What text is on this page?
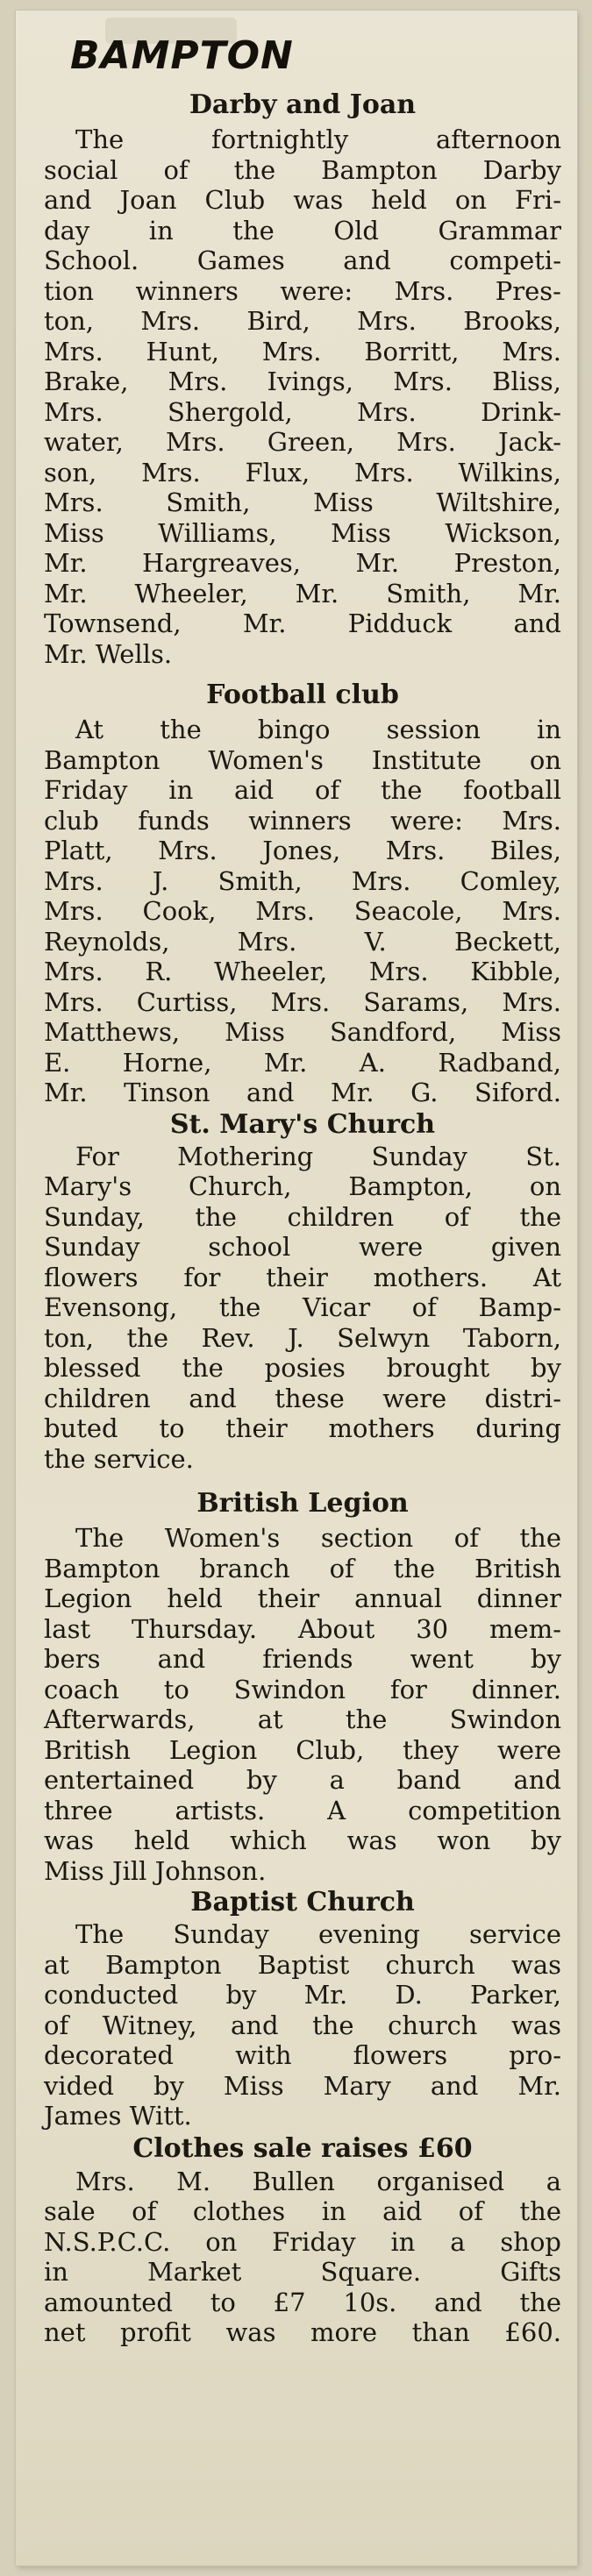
BAMPTON
Darby and Joan

The fortnightly afternoon
social of the Bampton Darby
and Joan Club was held on Fri-
day in the Old Grammar
School. Games and competi-
tion winners were: Mrs. Pres-
ton, Mrs. Bird, Mrs. Brooks,
Mrs. Hunt, Mrs. Borritt, Mrs.
Brake, Mrs. Ivings, Mrs. Bliss,
Mrs. Shergold, Mrs. Drink-
water, Mrs. Green, Mrs. Jack-
son, Mrs. Flux, Mrs. Wilkins,
Mrs. Smith, Miss Wiltshire,
Miss Williams, Miss Wickson,
Mr. Hargreaves, Mr. Preston,
Mr. Wheeler, Mr. Smith, Mr.
Townsend, Mr. Pidduck and
Mr. Wells.

Football club

At the bingo session in
Bampton Women's Institute on
Friday in aid of the football
club funds winners were: Mrs.
Platt, Mrs. Jones, Mrs. Biles,
Mrs. J. Smith, Mrs. Comley,
Mrs. Cook, Mrs. Seacole, Mrs.
Reynolds, Mrs. V. Beckett,
Mrs. R. Wheeler, Mrs. Kibble,
Mrs. Curtiss, Mrs. Sarams, Mrs.
Matthews, Miss Sandford, Miss
E. Horne, Mr. A. Radband,
Mr. Tinson and Mr. G. Siford.

St. Mary's Church

For Mothering Sunday St.
Mary's Church, Bampton, on
Sunday, the children of the
Sunday school were given
flowers for their mothers. At
Evensong, the Vicar of Bamp-
ton, the Rev. J. Selwyn Taborn,
blessed the posies brought by
children and these were distri-
buted to their mothers during
the service.

British Legion

The Women's section of the
Bampton branch of the British
Legion held their annual dinner
last Thursday. About 30 mem-
bers and friends went by
coach to Swindon for dinner.
Afterwards, at the Swindon
British Legion Club, they were
entertained by a band and
three artists. A competition
was held which was won by
Miss Jill Johnson.

Baptist Church

The Sunday evening service
at Bampton Baptist church was
conducted by Mr. D. Parker,
of Witney, and the church was
decorated with flowers pro-
vided by Miss Mary and Mr.
James Witt.

Clothes sale raises £60

Mrs. M. Bullen organised a
sale of clothes in aid of the
N.S.P.C.C. on Friday in a shop
in Market Square. Gifts
amounted to £7 10s. and the
net profit was more than £60.
